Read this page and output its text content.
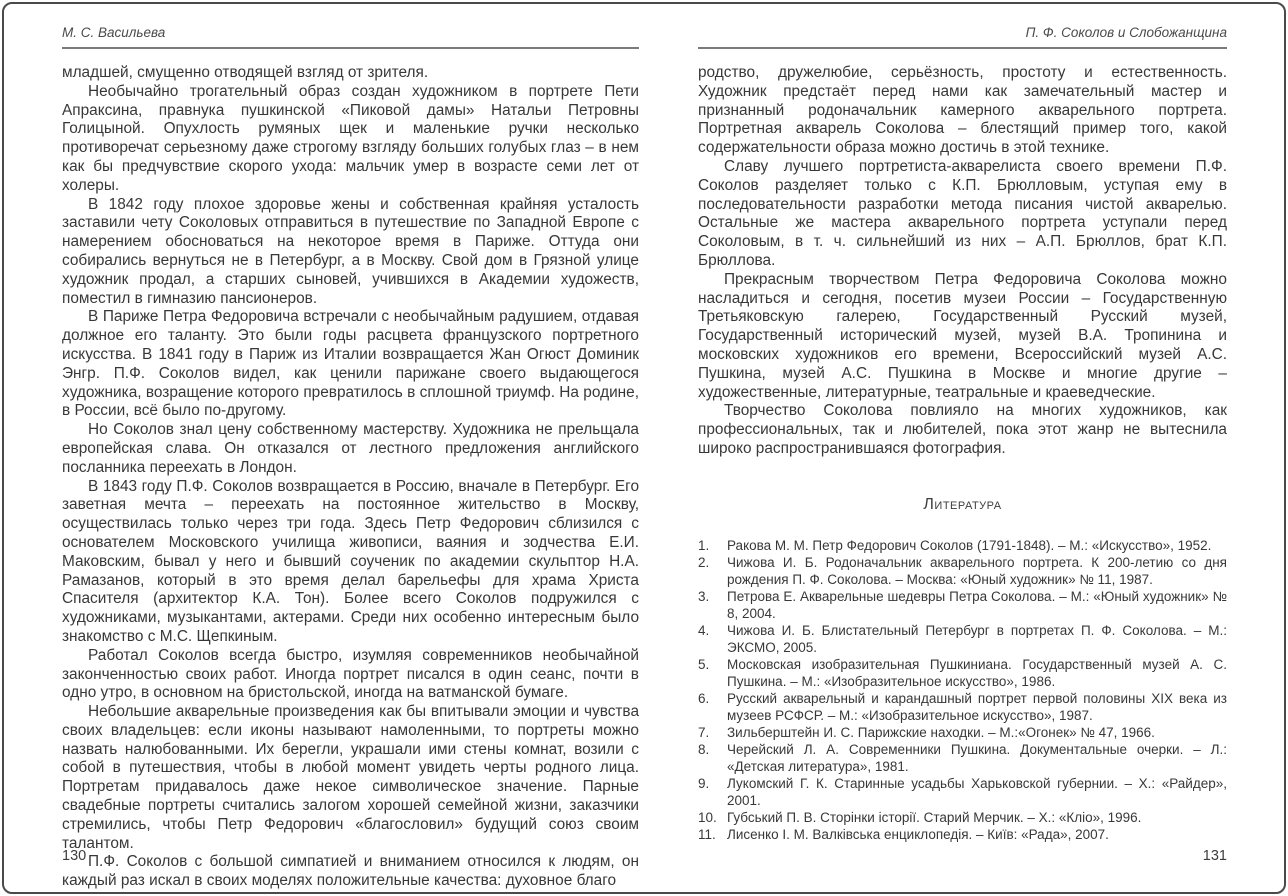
М. С. Васильева

младшей, смущенно отводящей взгляд от зрителя.

Необычайно трогательный образ создан художником в портрете Пети Апраксина, правнука пушкинской «Пиковой дамы» Натальи Петровны Голицыной. Опухлость румяных щек и маленькие ручки несколько противоречат серьезному даже строгому взгляду больших голубых глаз – в нем как бы предчувствие скорого ухода: мальчик умер в возрасте семи лет от холеры.

В 1842 году плохое здоровье жены и собственная крайняя усталость заставили чету Соколовых отправиться в путешествие по Западной Европе с намерением обосноваться на некоторое время в Париже. Оттуда они собирались вернуться не в Петербург, а в Москву. Свой дом в Грязной улице художник продал, а старших сыновей, учившихся в Академии художеств, поместил в гимназию пансионеров.

В Париже Петра Федоровича встречали с необычайным радушием, отдавая должное его таланту. Это были годы расцвета французского портретного искусства. В 1841 году в Париж из Италии возвращается Жан Огюст Доминик Энгр. П.Ф. Соколов видел, как ценили парижане своего выдающегося художника, возращение которого превратилось в сплошной триумф. На родине, в России, всё было по-другому.

Но Соколов знал цену собственному мастерству. Художника не прельщала европейская слава. Он отказался от лестного предложения английского посланника переехать в Лондон.

В 1843 году П.Ф. Соколов возвращается в Россию, вначале в Петербург. Его заветная мечта – переехать на постоянное жительство в Москву, осуществилась только через три года. Здесь Петр Федорович сблизился с основателем Московского училища живописи, ваяния и зодчества Е.И. Маковским, бывал у него и бывший соученик по академии скульптор Н.А. Рамазанов, который в это время делал барельефы для храма Христа Спасителя (архитектор К.А. Тон). Более всего Соколов подружился с художниками, музыкантами, актерами. Среди них особенно интересным было знакомство с М.С. Щепкиным.

Работал Соколов всегда быстро, изумляя современников необычайной законченностью своих работ. Иногда портрет писался в один сеанс, почти в одно утро, в основном на бристольской, иногда на ватманской бумаге.

Небольшие акварельные произведения как бы впитывали эмоции и чувства своих владельцев: если иконы называют намоленными, то портреты можно назвать налюбованными. Их берегли, украшали ими стены комнат, возили с собой в путешествия, чтобы в любой момент увидеть черты родного лица. Портретам придавалось даже некое символическое значение. Парные свадебные портреты считались залогом хорошей семейной жизни, заказчики стремились, чтобы Петр Федорович «благословил» будущий союз своим талантом.

П.Ф. Соколов с большой симпатией и вниманием относился к людям, он каждый раз искал в своих моделях положительные качества: духовное благо

П. Ф. Соколов и Слобожанщина

родство, дружелюбие, серьёзность, простоту и естественность. Художник предстаёт перед нами как замечательный мастер и признанный родоначальник камерного акварельного портрета. Портретная акварель Соколова – блестящий пример того, какой содержательности образа можно достичь в этой технике.

Славу лучшего портретиста-акварелиста своего времени П.Ф. Соколов разделяет только с К.П. Брюлловым, уступая ему в последовательности разработки метода писания чистой акварелью. Остальные же мастера акварельного портрета уступали перед Соколовым, в т. ч. сильнейший из них – А.П. Брюллов, брат К.П. Брюллова.

Прекрасным творчеством Петра Федоровича Соколова можно насладиться и сегодня, посетив музеи России – Государственную Третьяковскую галерею, Государственный Русский музей, Государственный исторический музей, музей В.А. Тропинина и московских художников его времени, Всероссийский музей А.С. Пушкина, музей А.С. Пушкина в Москве и многие другие – художественные, литературные, театральные и краеведческие.

Творчество Соколова повлияло на многих художников, как профессиональных, так и любителей, пока этот жанр не вытеснила широко распространившаяся фотография.

Литература

1. Ракова М. М. Петр Федорович Соколов (1791-1848). – М.: «Искусство», 1952.

2. Чижова И. Б. Родоначальник акварельного портрета. К 200-летию со дня рождения П. Ф. Соколова. – Москва: «Юный художник» № 11, 1987.

3. Петрова Е. Акварельные шедевры Петра Соколова. – М.: «Юный художник» № 8, 2004.

4. Чижова И. Б. Блистательный Петербург в портретах П. Ф. Соколова. – М.: ЭКСМО, 2005.

5. Московская изобразительная Пушкиниана. Государственный музей А. С. Пушкина. – М.: «Изобразительное искусство», 1986.

6. Русский акварельный и карандашный портрет первой половины XIX века из музеев РСФСР. – М.: «Изобразительное искусство», 1987.

7. Зильберштейн И. С. Парижские находки. – М.:«Огонек» № 47, 1966.

8. Черейский Л. А. Современники Пушкина. Документальные очерки. – Л.: «Детская литература», 1981.

9. Лукомский Г. К. Старинные усадьбы Харьковской губернии. – Х.: «Райдер», 2001.

10. Губський П. В. Сторінки історії. Старий Мерчик. – Х.: «Кліо», 1996.

11. Лисенко І. М. Валківська енциклопедія. – Київ: «Рада», 2007.

130	131
